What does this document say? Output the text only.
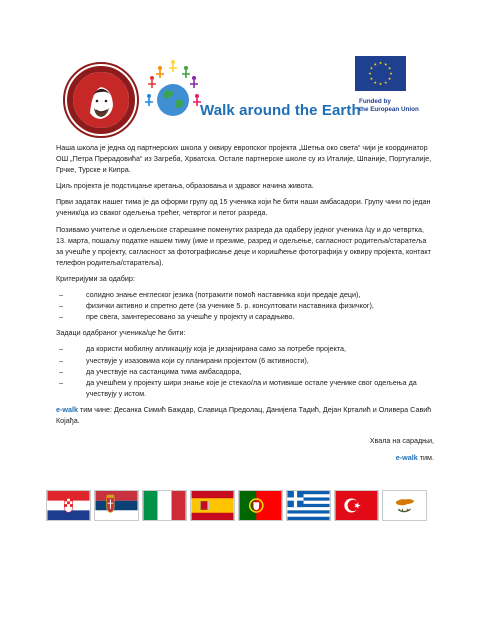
Walk around the Earth
Funded by
the European Union

Наша школа је једна од партнерских школа у оквиру европског пројекта „Шетња око света“ чији је координатор ОШ „Петра Прерадовића“ из Загреба, Хрватска. Остале партнерске школе су из Италије, Шпаније, Португалије, Грчке, Турске и Кипра.

Циљ пројекта је подстицање кретања, образовања и здравог начина живота.

Први задатак нашег тима је да оформи групу од 15 ученика који ће бити наши амбасадори. Групу чини по један ученик/ца из сваког одељења трећег, четвртог и петог разреда.

Позивамо учитеље и одељењске старешине поменутих разреда да одаберу једног ученика /цу и до четвртка, 13. марта, пошаљу податке нашем тиму (име и презиме, разред и одељење, сагласност родитеља/старатеља за учешће у пројекту, сагласност за фотографисање деце и коришћење фотографија у оквиру пројекта, контакт телефон родитеља/старатеља).

Критеријуми за одабир:

–	солидно знање енглеског језика (потражити помоћ наставника који предаје деци),
–	физички активно и спретно дете (за ученике 5. р. консултовати наставника физичког),
–	пре свега, заинтересовано за учешће у пројекту и сарадњиво.

Задаци одабраног ученика/це ће бити:

–	да користи мобилну апликацију која је дизајнирана само за потребе пројекта,
–	учествује у изазовима који су планирани пројектом (6 активности),
–	да учествује на састанцима тима амбасадора,
–	да учешћем у пројекту шири знање које је стекао/ла и мотивише остале ученике свог одељења да учествују у истом.

e-walk тим чине: Десанка Симић Баждар, Славица Предолац, Данијела Тадић, Дејан Крталић и Оливера Савић Којађа.

Хвала на сарадњи,

e-walk тим.
